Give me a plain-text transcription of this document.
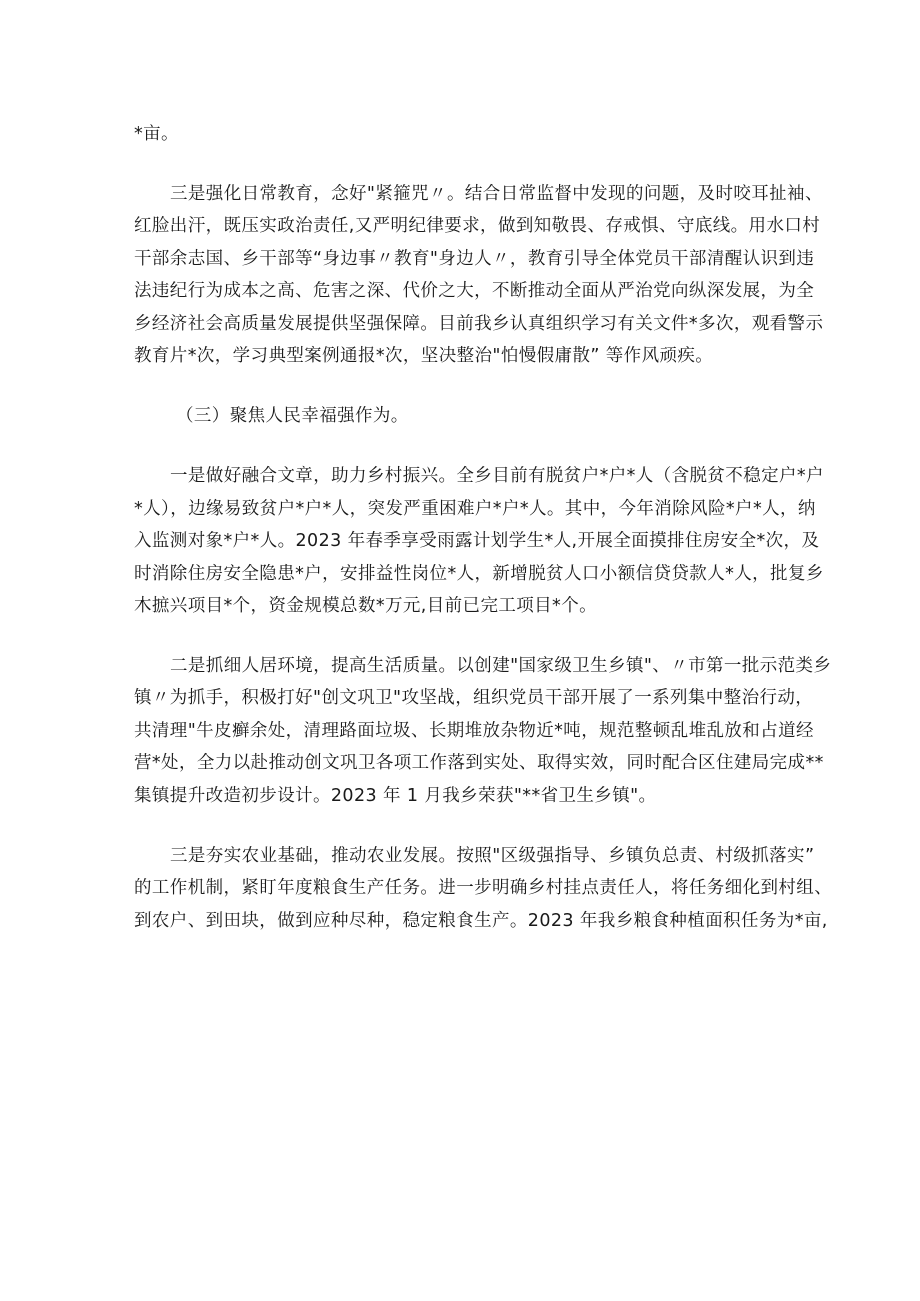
*亩。
三是强化日常教育，念好"紧箍咒〃。结合日常监督中发现的问题，及时咬耳扯袖、
红脸出汗，既压实政治责任,又严明纪律要求，做到知敬畏、存戒惧、守底线。用水口村
干部余志国、乡干部等“身边事〃教育"身边人〃，教育引导全体党员干部清醒认识到违
法违纪行为成本之高、危害之深、代价之大，不断推动全面从严治党向纵深发展，为全
乡经济社会高质量发展提供坚强保障。目前我乡认真组织学习有关文件*多次，观看警示
教育片*次，学习典型案例通报*次，坚决整治"怕慢假庸散” 等作风顽疾。
（三）聚焦人民幸福强作为。
一是做好融合文章，助力乡村振兴。全乡目前有脱贫户*户*人（含脱贫不稳定户*户
*人），边缘易致贫户*户*人，突发严重困难户*户*人。其中，今年消除风险*户*人，纳
入监测对象*户*人。2023 年春季享受雨露计划学生*人,开展全面摸排住房安全*次，及
时消除住房安全隐患*户，安排益性岗位*人，新增脱贫人口小额信贷贷款人*人，批复乡
木摭兴项目*个，资金规模总数*万元,目前已完工项目*个。
二是抓细人居环境，提高生活质量。以创建"国家级卫生乡镇"、〃市第一批示范类乡
镇〃为抓手，积极打好"创文巩卫"攻坚战，组织党员干部开展了一系列集中整治行动，
共清理"牛皮癣余处，清理路面垃圾、长期堆放杂物近*吨，规范整顿乱堆乱放和占道经
营*处，全力以赴推动创文巩卫各项工作落到实处、取得实效，同时配合区住建局完成**
集镇提升改造初步设计。2023 年 1 月我乡荣获"**省卫生乡镇"。
三是夯实农业基础，推动农业发展。按照"区级强指导、乡镇负总责、村级抓落实”
的工作机制，紧盯年度粮食生产任务。进一步明确乡村挂点责任人，将任务细化到村组、
到农户、到田块，做到应种尽种，稳定粮食生产。2023 年我乡粮食种植面积任务为*亩,
